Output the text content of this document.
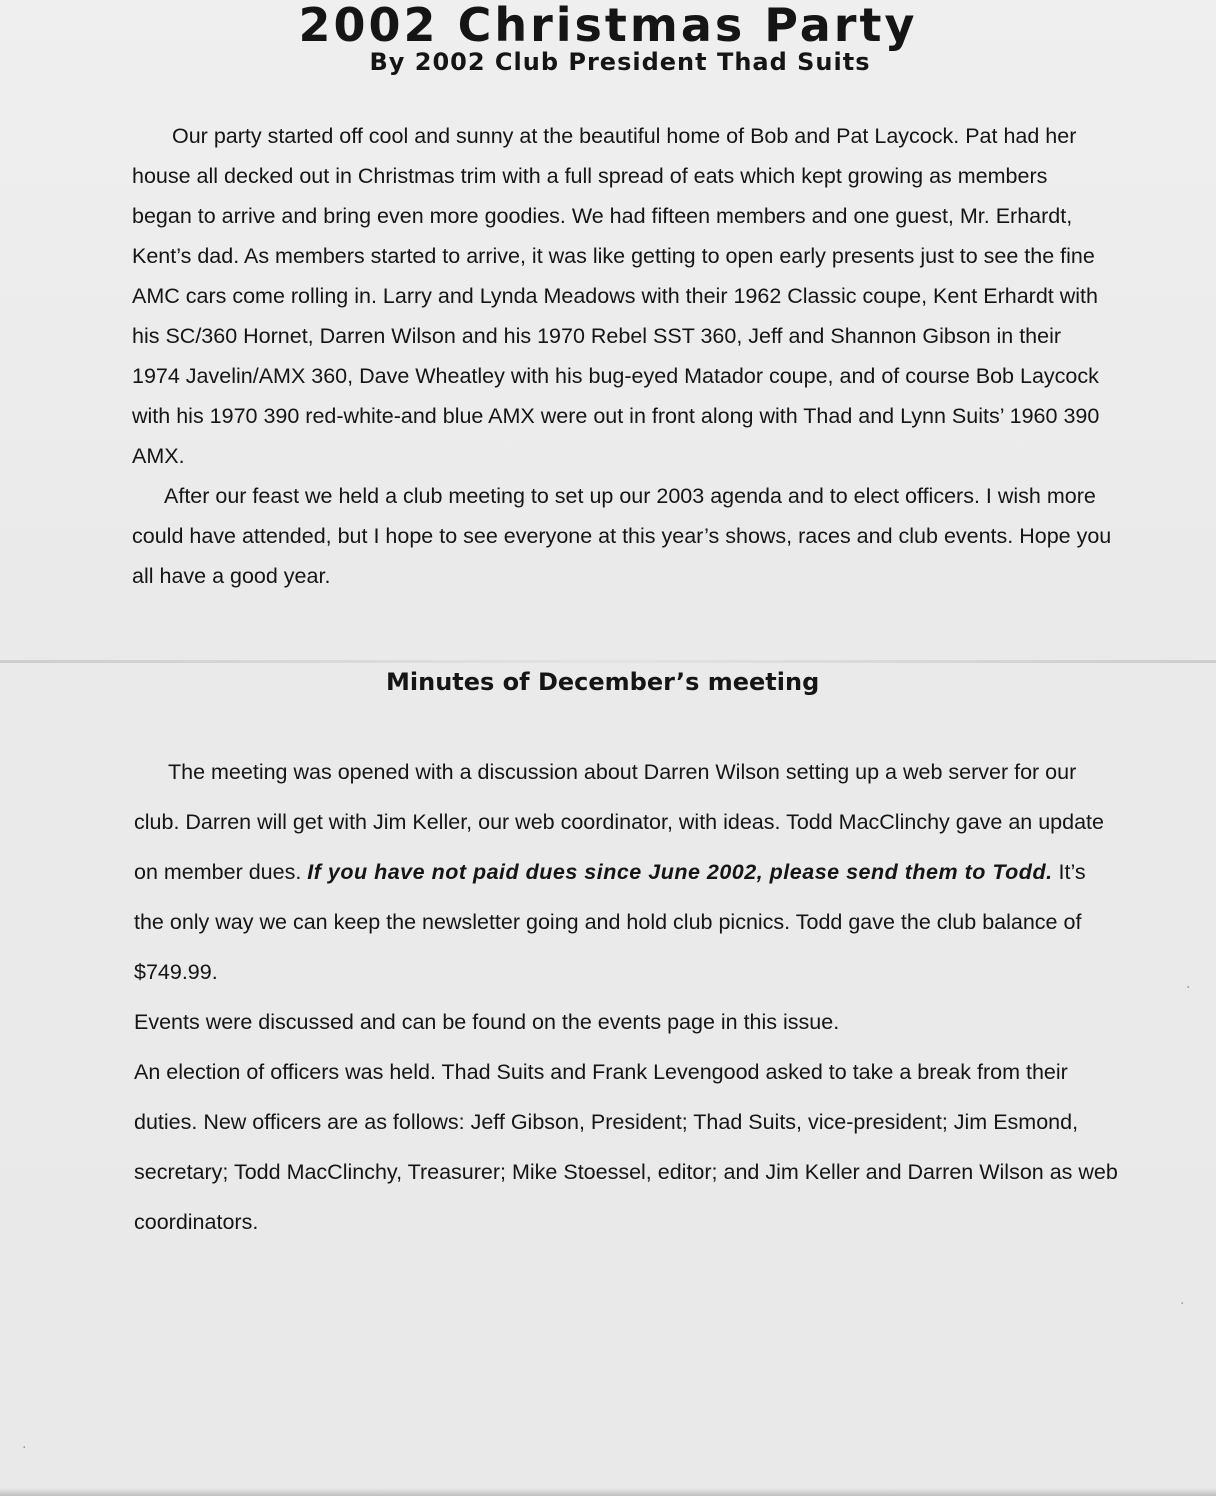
2002 Christmas Party
By 2002 Club President Thad Suits

Our party started off cool and sunny at the beautiful home of Bob and Pat Laycock. Pat had her house all decked out in Christmas trim with a full spread of eats which kept growing as members began to arrive and bring even more goodies. We had fifteen members and one guest, Mr. Erhardt, Kent’s dad. As members started to arrive, it was like getting to open early presents just to see the fine AMC cars come rolling in. Larry and Lynda Meadows with their 1962 Classic coupe, Kent Erhardt with his SC/360 Hornet, Darren Wilson and his 1970 Rebel SST 360, Jeff and Shannon Gibson in their 1974 Javelin/AMX 360, Dave Wheatley with his bug-eyed Matador coupe, and of course Bob Laycock with his 1970 390 red-white-and blue AMX were out in front along with Thad and Lynn Suits’ 1960 390 AMX.

After our feast we held a club meeting to set up our 2003 agenda and to elect officers. I wish more could have attended, but I hope to see everyone at this year’s shows, races and club events. Hope you all have a good year.

Minutes of December’s meeting

The meeting was opened with a discussion about Darren Wilson setting up a web server for our club. Darren will get with Jim Keller, our web coordinator, with ideas. Todd MacClinchy gave an update on member dues. If you have not paid dues since June 2002, please send them to Todd. It’s the only way we can keep the newsletter going and hold club picnics. Todd gave the club balance of $749.99.

Events were discussed and can be found on the events page in this issue.

An election of officers was held. Thad Suits and Frank Levengood asked to take a break from their duties. New officers are as follows: Jeff Gibson, President; Thad Suits, vice-president; Jim Esmond, secretary; Todd MacClinchy, Treasurer; Mike Stoessel, editor; and Jim Keller and Darren Wilson as web coordinators.

·
·
·
